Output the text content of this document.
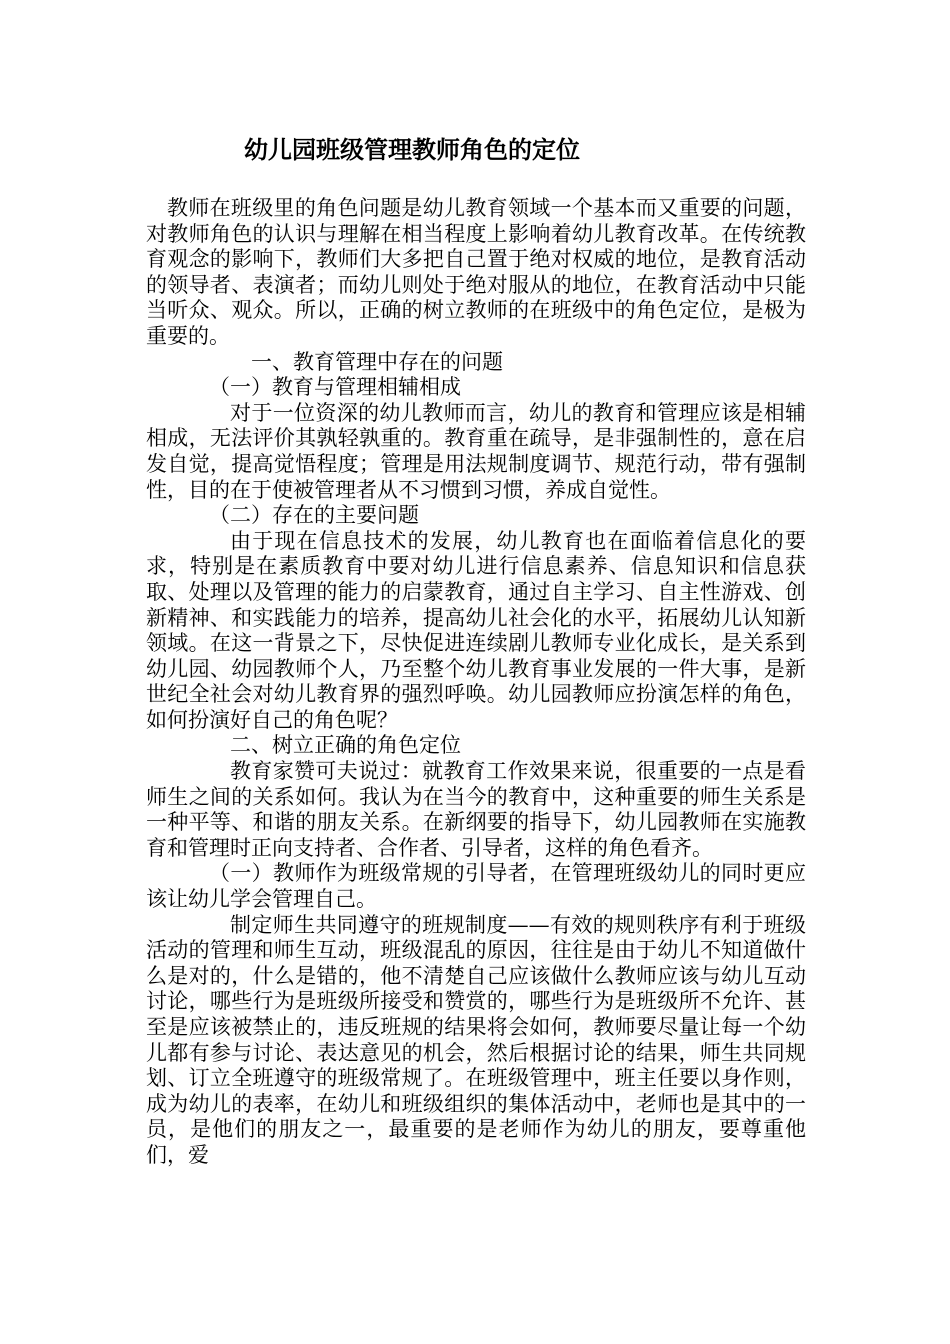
幼儿园班级管理教师角色的定位

教师在班级里的角色问题是幼儿教育领域一个基本而又重要的问题，对教师角色的认识与理解在相当程度上影响着幼儿教育改革。在传统教育观念的影响下，教师们大多把自己置于绝对权威的地位，是教育活动的领导者、表演者；而幼儿则处于绝对服从的地位，在教育活动中只能当听众、观众。所以，正确的树立教师的在班级中的角色定位，是极为重要的。

一、教育管理中存在的问题

（一）教育与管理相辅相成

对于一位资深的幼儿教师而言，幼儿的教育和管理应该是相辅相成，无法评价其孰轻孰重的。教育重在疏导，是非强制性的，意在启发自觉，提高觉悟程度；管理是用法规制度调节、规范行动，带有强制性，目的在于使被管理者从不习惯到习惯，养成自觉性。

（二）存在的主要问题

由于现在信息技术的发展，幼儿教育也在面临着信息化的要求，特别是在素质教育中要对幼儿进行信息素养、信息知识和信息获取、处理以及管理的能力的启蒙教育，通过自主学习、自主性游戏、创新精神、和实践能力的培养，提高幼儿社会化的水平，拓展幼儿认知新领域。在这一背景之下，尽快促进连续剧儿教师专业化成长，是关系到幼儿园、幼园教师个人，乃至整个幼儿教育事业发展的一件大事，是新世纪全社会对幼儿教育界的强烈呼唤。幼儿园教师应扮演怎样的角色，如何扮演好自己的角色呢？

二、树立正确的角色定位

教育家赞可夫说过：就教育工作效果来说，很重要的一点是看师生之间的关系如何。我认为在当今的教育中，这种重要的师生关系是一种平等、和谐的朋友关系。在新纲要的指导下，幼儿园教师在实施教育和管理时正向支持者、合作者、引导者，这样的角色看齐。

（一）教师作为班级常规的引导者，在管理班级幼儿的同时更应该让幼儿学会管理自己。

制定师生共同遵守的班规制度——有效的规则秩序有利于班级活动的管理和师生互动，班级混乱的原因，往往是由于幼儿不知道做什么是对的，什么是错的，他不清楚自己应该做什么教师应该与幼儿互动讨论，哪些行为是班级所接受和赞赏的，哪些行为是班级所不允许、甚至是应该被禁止的，违反班规的结果将会如何，教师要尽量让每一个幼儿都有参与讨论、表达意见的机会，然后根据讨论的结果，师生共同规划、订立全班遵守的班级常规了。在班级管理中，班主任要以身作则，成为幼儿的表率，在幼儿和班级组织的集体活动中，老师也是其中的一员，是他们的朋友之一，最重要的是老师作为幼儿的朋友，要尊重他们，爱
